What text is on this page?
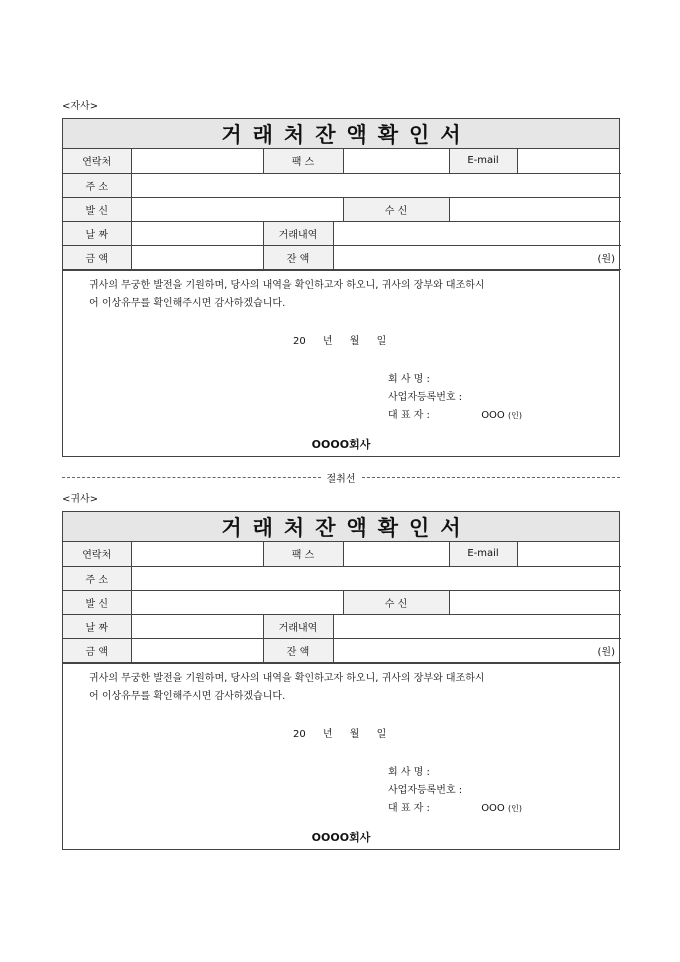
<자사>
거래처잔액확인서
연락처		팩 스			E-mail	
주 소						
발 신				수 신		
날 짜		거래내역				
금 액		잔 액	(원)			
귀사의 무궁한 발전을 기원하며, 당사의 내역을 확인하고자 하오니, 귀사의 장부와 대조하시
어 이상유무를 확인해주시면 감사하겠습니다.
20 년 월 일
회 사 명 :
사업자등록번호 :
대 표 자 :	OOO (인)
OOOO회사
절취선
<귀사>
거래처잔액확인서
연락처		팩 스			E-mail	
주 소						
발 신				수 신		
날 짜		거래내역				
금 액		잔 액	(원)			
귀사의 무궁한 발전을 기원하며, 당사의 내역을 확인하고자 하오니, 귀사의 장부와 대조하시
어 이상유무를 확인해주시면 감사하겠습니다.
20 년 월 일
회 사 명 :
사업자등록번호 :
대 표 자 :	OOO (인)
OOOO회사
